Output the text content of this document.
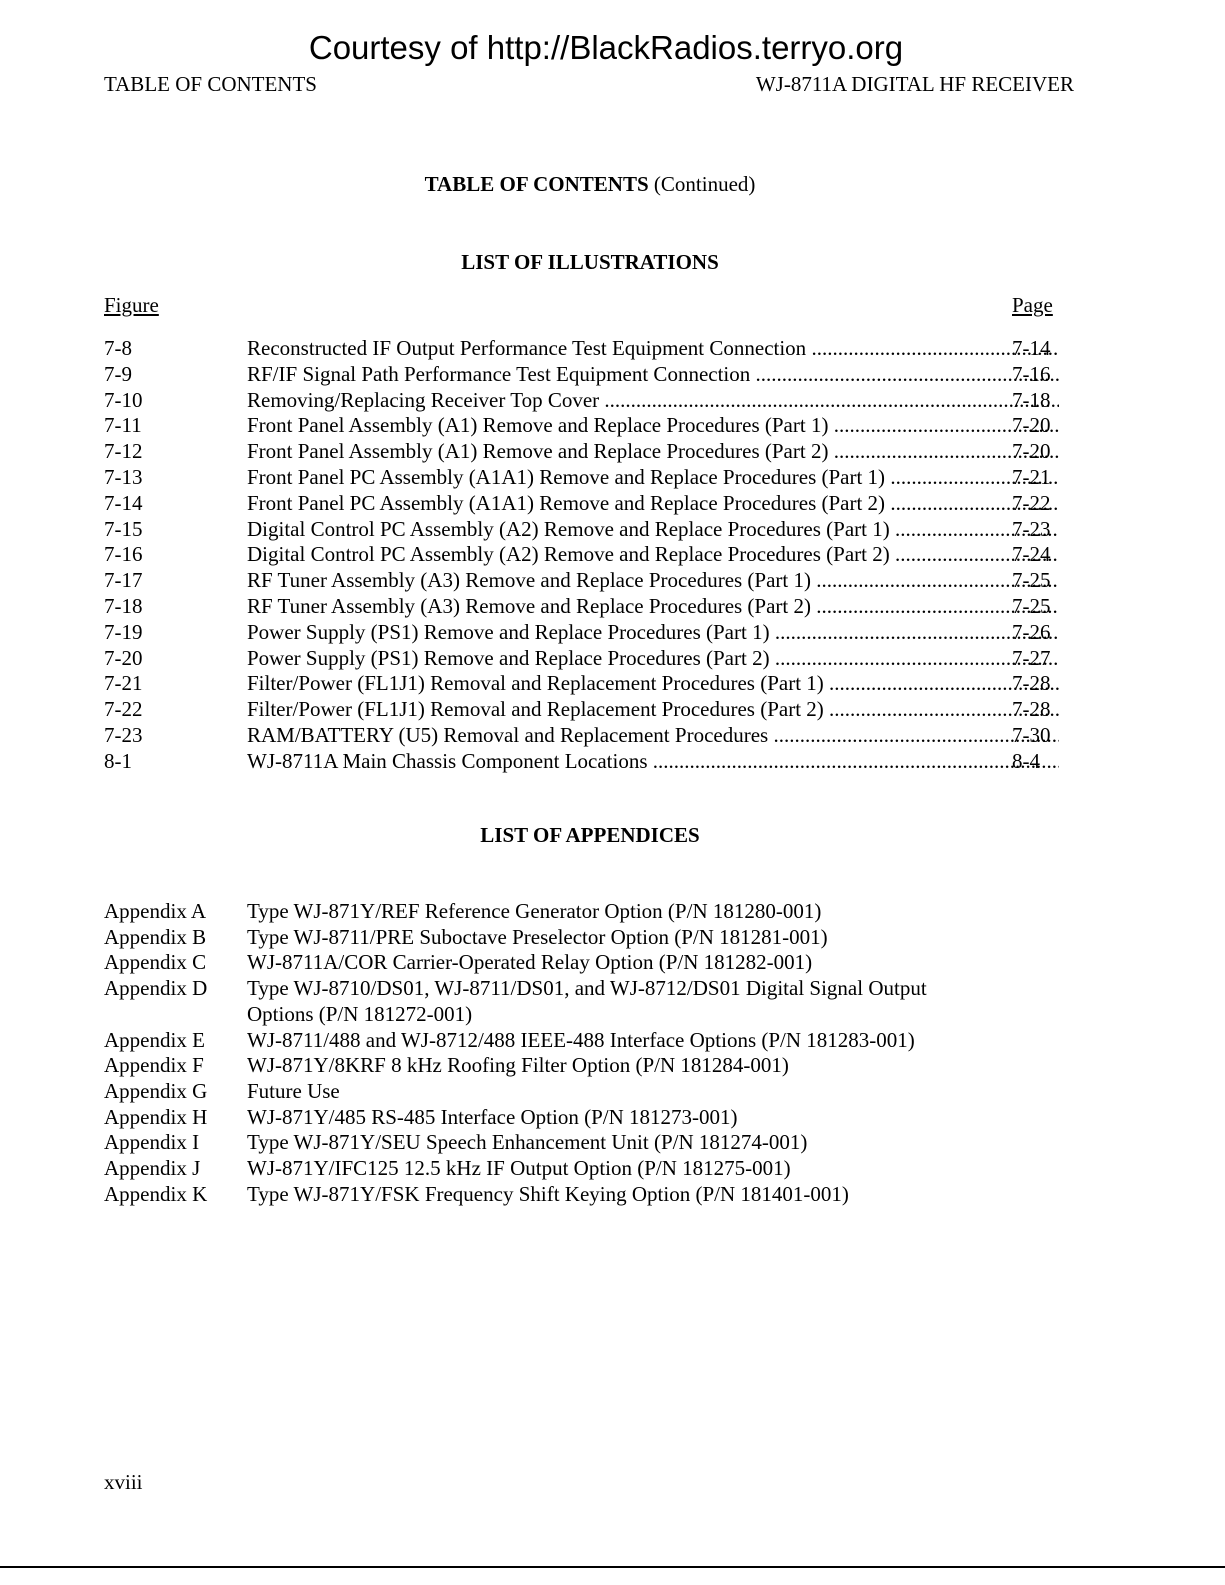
Courtesy of http://BlackRadios.terryo.org
TABLE OF CONTENTS	WJ-8711A DIGITAL HF RECEIVER
TABLE OF CONTENTS (Continued)
LIST OF ILLUSTRATIONS
Figure	Page
7-8	Reconstructed IF Output Performance Test Equipment Connection .....	7-14
7-9	RF/IF Signal Path Performance Test Equipment Connection .....	7-16
7-10	Removing/Replacing Receiver Top Cover .....	7-18
7-11	Front Panel Assembly (A1) Remove and Replace Procedures (Part 1) .....	7-20
7-12	Front Panel Assembly (A1) Remove and Replace Procedures (Part 2) .....	7-20
7-13	Front Panel PC Assembly (A1A1) Remove and Replace Procedures (Part 1) .....	7-21
7-14	Front Panel PC Assembly (A1A1) Remove and Replace Procedures (Part 2) .....	7-22
7-15	Digital Control PC Assembly (A2) Remove and Replace Procedures (Part 1) .....	7-23
7-16	Digital Control PC Assembly (A2) Remove and Replace Procedures (Part 2) .....	7-24
7-17	RF Tuner Assembly (A3) Remove and Replace Procedures (Part 1) .....	7-25
7-18	RF Tuner Assembly (A3) Remove and Replace Procedures (Part 2) .....	7-25
7-19	Power Supply (PS1) Remove and Replace Procedures (Part 1) .....	7-26
7-20	Power Supply (PS1) Remove and Replace Procedures (Part 2) .....	7-27
7-21	Filter/Power (FL1J1) Removal and Replacement Procedures (Part 1) .....	7-28
7-22	Filter/Power (FL1J1) Removal and Replacement Procedures (Part 2) .....	7-28
7-23	RAM/BATTERY (U5) Removal and Replacement Procedures .....	7-30
8-1	WJ-8711A Main Chassis Component Locations .....	8-4
LIST OF APPENDICES
Appendix A Type WJ-871Y/REF Reference Generator Option (P/N 181280-001)
Appendix B Type WJ-8711/PRE Suboctave Preselector Option (P/N 181281-001)
Appendix C WJ-8711A/COR Carrier-Operated Relay Option (P/N 181282-001)
Appendix D Type WJ-8710/DS01, WJ-8711/DS01, and WJ-8712/DS01 Digital Signal Output Options (P/N 181272-001)
Appendix E WJ-8711/488 and WJ-8712/488 IEEE-488 Interface Options (P/N 181283-001)
Appendix F WJ-871Y/8KRF 8 kHz Roofing Filter Option (P/N 181284-001)
Appendix G Future Use
Appendix H WJ-871Y/485 RS-485 Interface Option (P/N 181273-001)
Appendix I Type WJ-871Y/SEU Speech Enhancement Unit (P/N 181274-001)
Appendix J WJ-871Y/IFC125 12.5 kHz IF Output Option (P/N 181275-001)
Appendix K Type WJ-871Y/FSK Frequency Shift Keying Option (P/N 181401-001)
xviii
